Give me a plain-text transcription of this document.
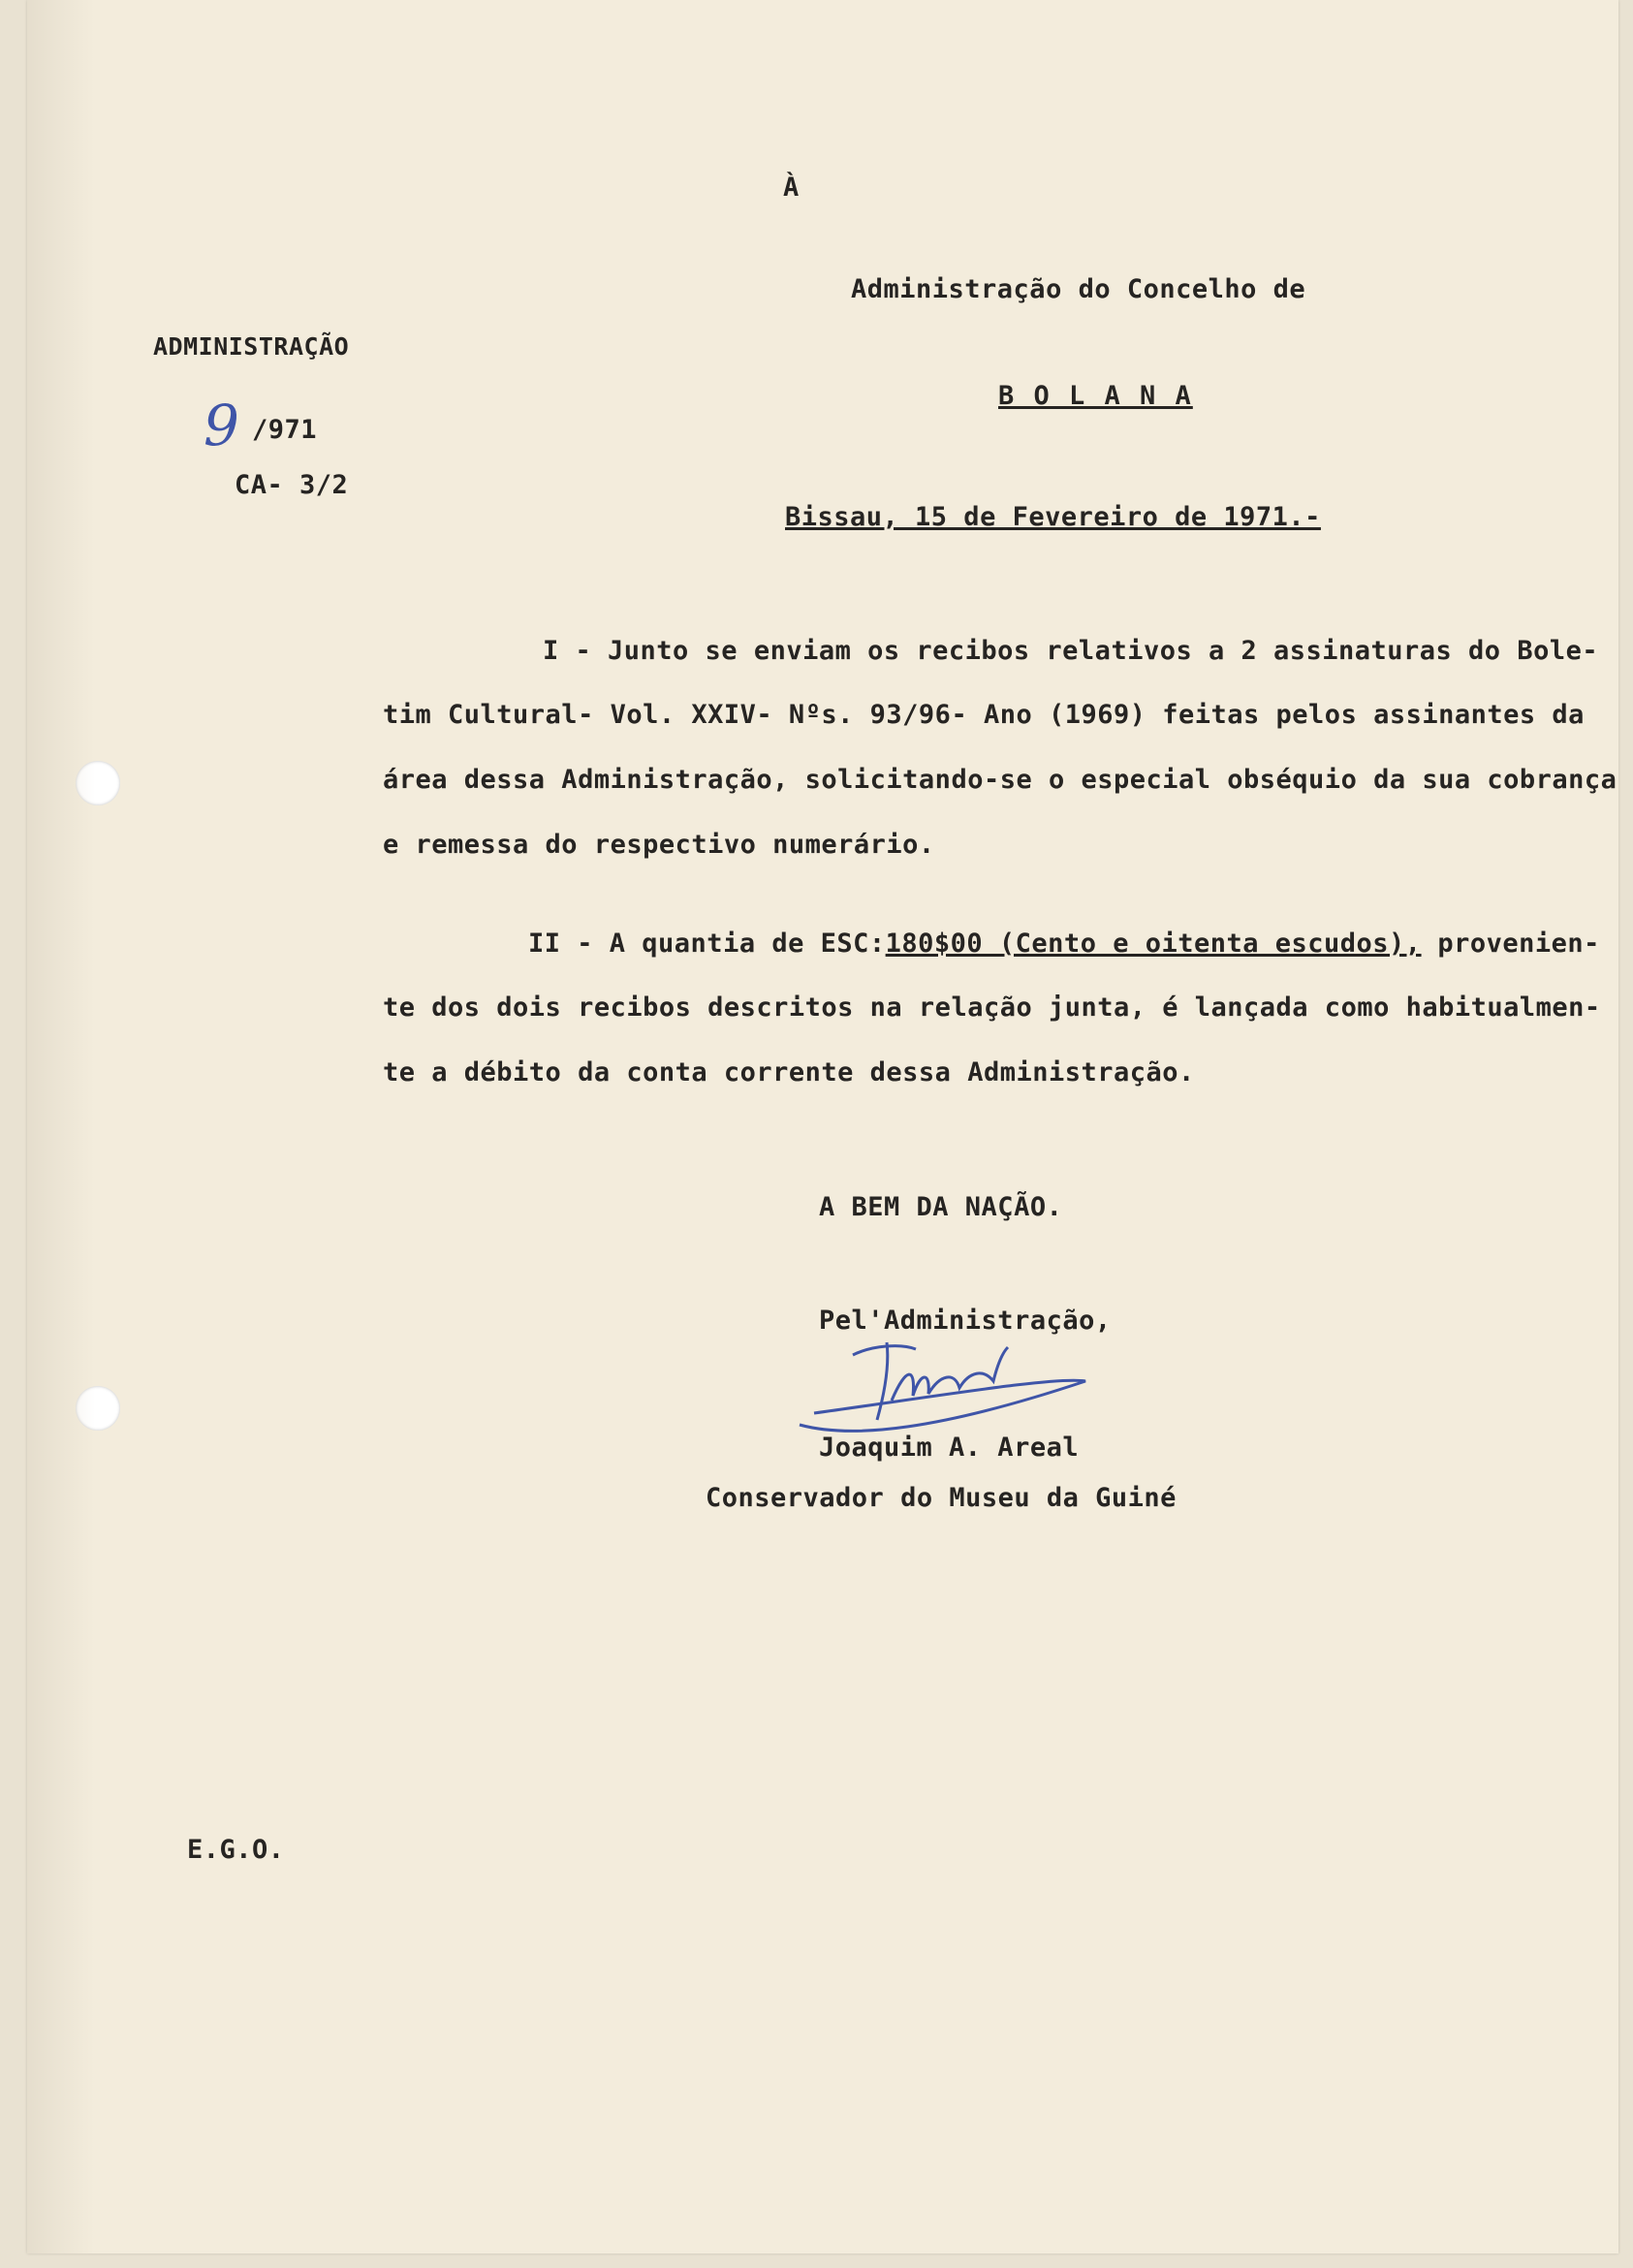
À
Administração do Concelho de
B O L A N A
ADMINISTRAÇÃO
9 /971
CA- 3/2
Bissau, 15 de Fevereiro de 1971.-
I - Junto se enviam os recibos relativos a 2 assinaturas do Bole-
tim Cultural- Vol. XXIV- Nºs. 93/96- Ano (1969) feitas pelos assinantes da
área dessa Administração, solicitando-se o especial obséquio da sua cobrança
e remessa do respectivo numerário.
II - A quantia de ESC:180$00 (Cento e oitenta escudos), provenien-
te dos dois recibos descritos na relação junta, é lançada como habitualmen-
te a débito da conta corrente dessa Administração.
A BEM DA NAÇÃO.
Pel'Administração,
Joaquim A. Areal
Conservador do Museu da Guiné
E.G.O.
